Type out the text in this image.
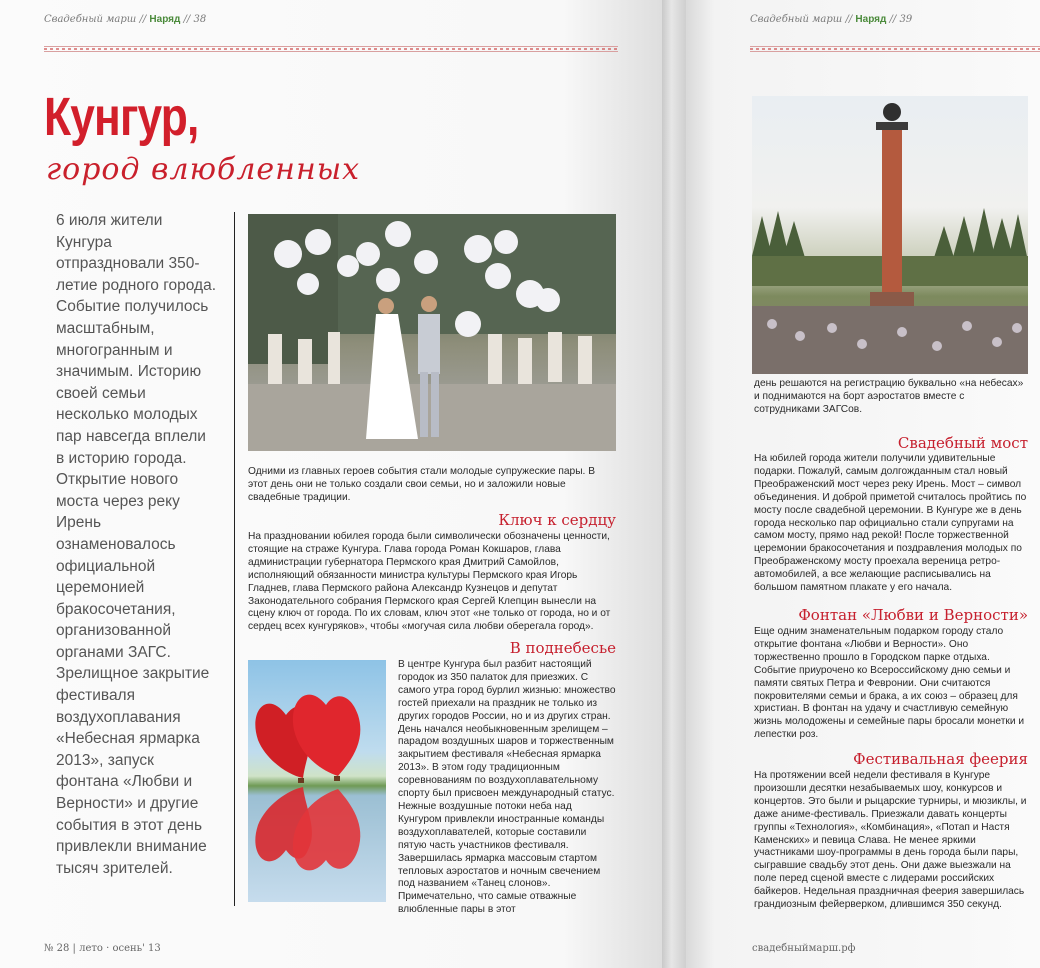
Свадебный марш // Наряд // 38
Кунгур,
город влюбленных
6 июля жители Кунгура отпраздновали 350-летие родного города. Событие получилось масштабным, многогранным и значимым. Историю своей семьи несколько молодых пар навсегда вплели в историю города. Открытие нового моста через реку Ирень ознаменовалось официальной церемонией бракосочетания, организованной органами ЗАГС. Зрелищное закрытие фестиваля воздухоплавания «Небесная ярмарка 2013», запуск фонтана «Любви и Верности» и другие события в этот день привлекли внимание тысяч зрителей.
Одними из главных героев события стали молодые супружеские пары. В этот день они не только создали свои семьи, но и заложили новые свадебные традиции.
Ключ к сердцу
На праздновании юбилея города были символически обозначены ценности, стоящие на страже Кунгура. Глава города Роман Кокшаров, глава администрации губернатора Пермского края Дмитрий Самойлов, исполняющий обязанности министра культуры Пермского края Игорь Гладнев, глава Пермского района Александр Кузнецов и депутат Законодательного собрания Пермского края Сергей Клепцин вынесли на сцену ключ от города. По их словам, ключ этот «не только от города, но и от сердец всех кунгуряков», чтобы «могучая сила любви оберегала город».
В поднебесье
В центре Кунгура был разбит настоящий городок из 350 палаток для приезжих. С самого утра город бурлил жизнью: множество гостей приехали на праздник не только из других городов России, но и из других стран. День начался необыкновенным зрелищем – парадом воздушных шаров и торжественным закрытием фестиваля «Небесная ярмарка 2013». В этом году традиционным соревнованиям по воздухоплавательному спорту был присвоен международный статус. Нежные воздушные потоки неба над Кунгуром привлекли иностранные команды воздухоплавателей, которые составили пятую часть участников фестиваля. Завершилась ярмарка массовым стартом тепловых аэростатов и ночным свечением под названием «Танец слонов». Примечательно, что самые отважные влюбленные пары в этот
№ 28 | лето · осень' 13
Свадебный марш // Наряд // 39
день решаются на регистрацию буквально «на небесах» и поднимаются на борт аэростатов вместе с сотрудниками ЗАГСов.
Свадебный мост
На юбилей города жители получили удивительные подарки. Пожалуй, самым долгожданным стал новый Преображенский мост через реку Ирень. Мост – символ объединения. И доброй приметой считалось пройтись по мосту после свадебной церемонии. В Кунгуре же в день города несколько пар официально стали супругами на самом мосту, прямо над рекой! После торжественной церемонии бракосочетания и поздравления молодых по Преображенскому мосту проехала вереница ретро-автомобилей, а все желающие расписывались на большом памятном плакате у его начала.
Фонтан «Любви и Верности»
Еще одним знаменательным подарком городу стало открытие фонтана «Любви и Верности». Оно торжественно прошло в Городском парке отдыха. Событие приурочено ко Всероссийскому дню семьи и памяти святых Петра и Февронии. Они считаются покровителями семьи и брака, а их союз – образец для христиан. В фонтан на удачу и счастливую семейную жизнь молодожены и семейные пары бросали монетки и лепестки роз.
Фестивальная феерия
На протяжении всей недели фестиваля в Кунгуре произошли десятки незабываемых шоу, конкурсов и концертов. Это были и рыцарские турниры, и мюзиклы, и даже аниме-фестиваль. Приезжали давать концерты группы «Технология», «Комбинация», «Потап и Настя Каменских» и певица Слава. Не менее яркими участниками шоу-программы в день города были пары, сыгравшие свадьбу этот день. Они даже выезжали на поле перед сценой вместе с лидерами российских байкеров. Недельная праздничная феерия завершилась грандиозным фейерверком, длившимся 350 секунд.
свадебныймарш.рф
